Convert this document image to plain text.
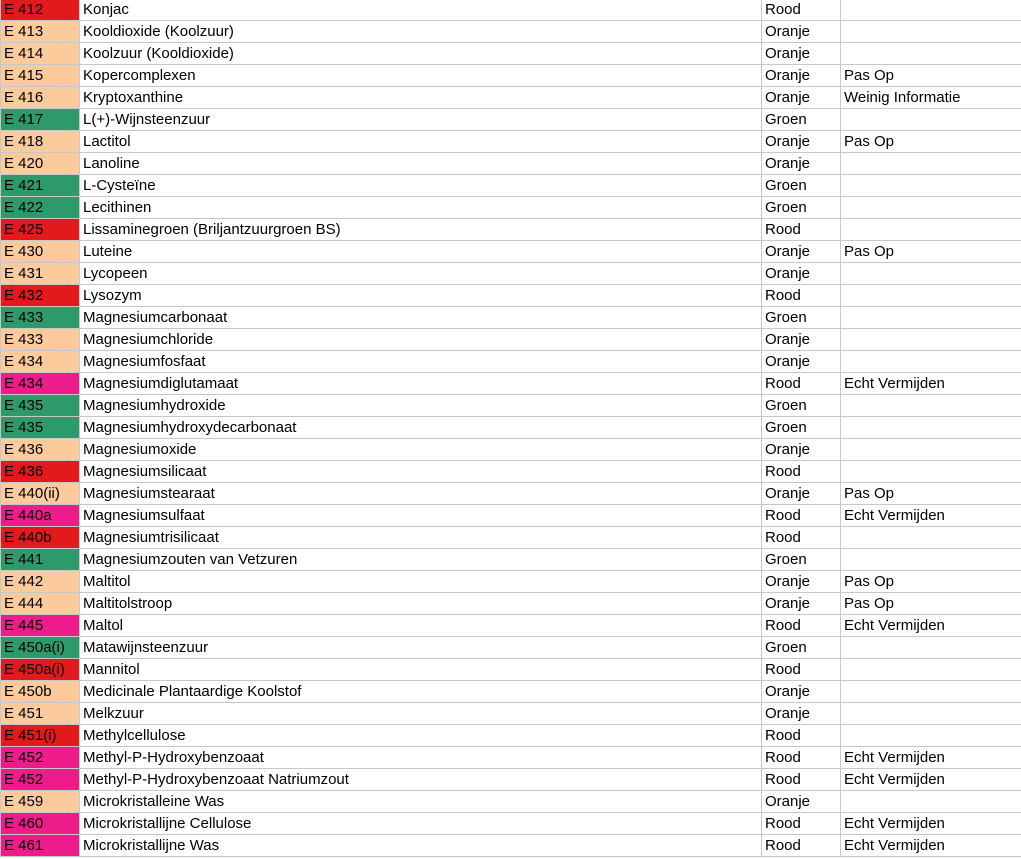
E 412	Konjac	Rood	
E 413	Kooldioxide (Koolzuur)	Oranje	
E 414	Koolzuur (Kooldioxide)	Oranje	
E 415	Kopercomplexen	Oranje	Pas Op
E 416	Kryptoxanthine	Oranje	Weinig Informatie
E 417	L(+)-Wijnsteenzuur	Groen	
E 418	Lactitol	Oranje	Pas Op
E 420	Lanoline	Oranje	
E 421	L-Cysteïne	Groen	
E 422	Lecithinen	Groen	
E 425	Lissaminegroen (Briljantzuurgroen BS)	Rood	
E 430	Luteine	Oranje	Pas Op
E 431	Lycopeen	Oranje	
E 432	Lysozym	Rood	
E 433	Magnesiumcarbonaat	Groen	
E 433	Magnesiumchloride	Oranje	
E 434	Magnesiumfosfaat	Oranje	
E 434	Magnesiumdiglutamaat	Rood	Echt Vermijden
E 435	Magnesiumhydroxide	Groen	
E 435	Magnesiumhydroxydecarbonaat	Groen	
E 436	Magnesiumoxide	Oranje	
E 436	Magnesiumsilicaat	Rood	
E 440(ii)	Magnesiumstearaat	Oranje	Pas Op
E 440a	Magnesiumsulfaat	Rood	Echt Vermijden
E 440b	Magnesiumtrisilicaat	Rood	
E 441	Magnesiumzouten van Vetzuren	Groen	
E 442	Maltitol	Oranje	Pas Op
E 444	Maltitolstroop	Oranje	Pas Op
E 445	Maltol	Rood	Echt Vermijden
E 450a(i)	Matawijnsteenzuur	Groen	
E 450a(i)	Mannitol	Rood	
E 450b	Medicinale Plantaardige Koolstof	Oranje	
E 451	Melkzuur	Oranje	
E 451(i)	Methylcellulose	Rood	
E 452	Methyl-P-Hydroxybenzoaat	Rood	Echt Vermijden
E 452	Methyl-P-Hydroxybenzoaat Natriumzout	Rood	Echt Vermijden
E 459	Microkristalleine Was	Oranje	
E 460	Microkristallijne Cellulose	Rood	Echt Vermijden
E 461	Microkristallijne Was	Rood	Echt Vermijden
